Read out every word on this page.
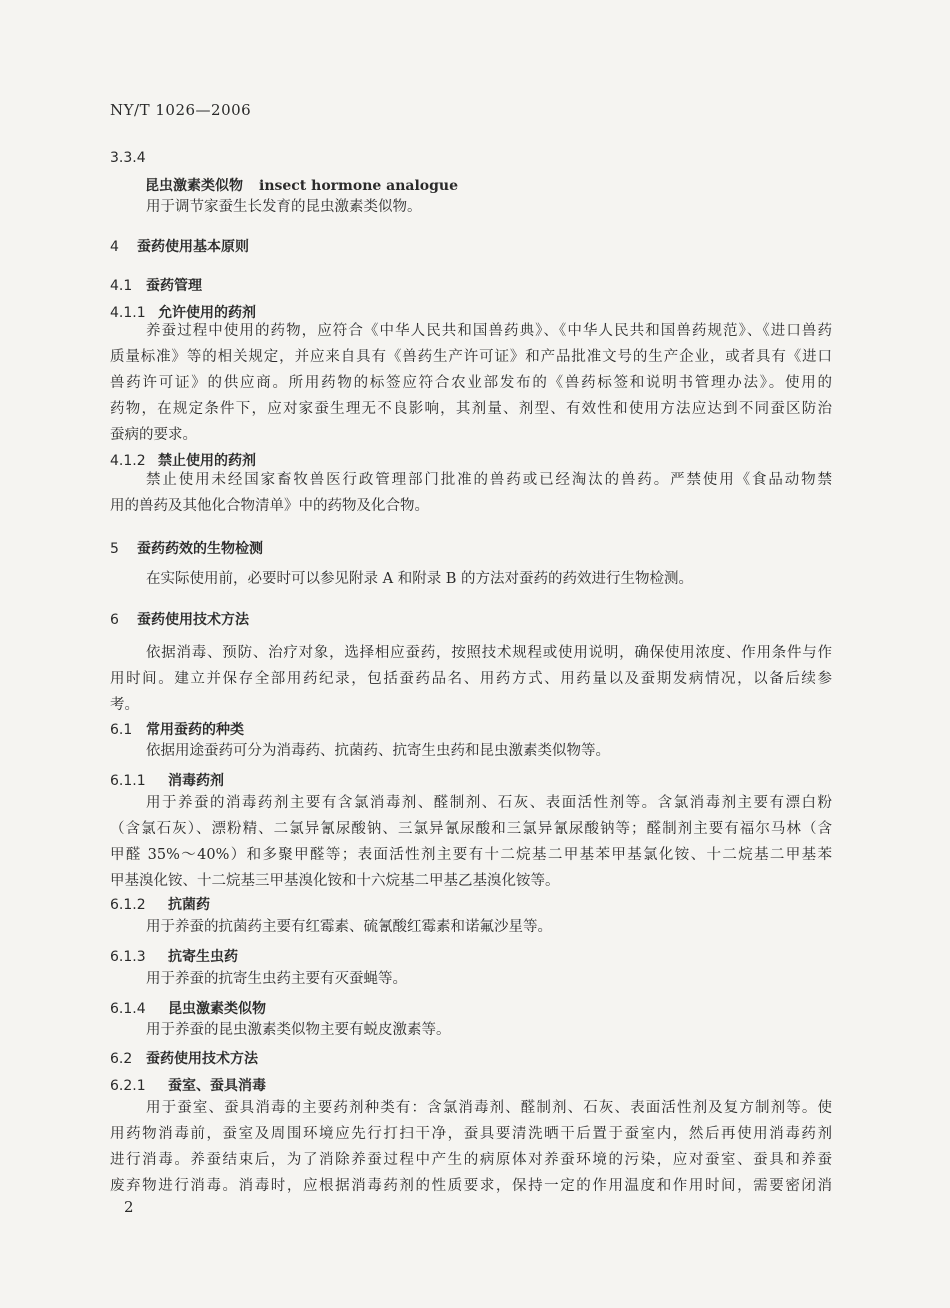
NY/T 1026—2006
3.3.4
昆虫激素类似物 insect hormone analogue
用于调节家蚕生长发育的昆虫激素类似物。
4 蚕药使用基本原则
4.1 蚕药管理
4.1.1 允许使用的药剂
养蚕过程中使用的药物，应符合《中华人民共和国兽药典》、《中华人民共和国兽药规范》、《进口兽药
质量标准》等的相关规定，并应来自具有《兽药生产许可证》和产品批准文号的生产企业，或者具有《进口
兽药许可证》的供应商。所用药物的标签应符合农业部发布的《兽药标签和说明书管理办法》。使用的
药物，在规定条件下，应对家蚕生理无不良影响，其剂量、剂型、有效性和使用方法应达到不同蚕区防治
蚕病的要求。
4.1.2 禁止使用的药剂
禁止使用未经国家畜牧兽医行政管理部门批准的兽药或已经淘汰的兽药。严禁使用《食品动物禁
用的兽药及其他化合物清单》中的药物及化合物。
5 蚕药药效的生物检测
在实际使用前，必要时可以参见附录 A 和附录 B 的方法对蚕药的药效进行生物检测。
6 蚕药使用技术方法
依据消毒、预防、治疗对象，选择相应蚕药，按照技术规程或使用说明，确保使用浓度、作用条件与作
用时间。建立并保存全部用药纪录，包括蚕药品名、用药方式、用药量以及蚕期发病情况，以备后续参
考。
6.1 常用蚕药的种类
依据用途蚕药可分为消毒药、抗菌药、抗寄生虫药和昆虫激素类似物等。
6.1.1 消毒药剂
用于养蚕的消毒药剂主要有含氯消毒剂、醛制剂、石灰、表面活性剂等。含氯消毒剂主要有漂白粉
（含氯石灰）、漂粉精、二氯异氰尿酸钠、三氯异氰尿酸和三氯异氰尿酸钠等；醛制剂主要有福尔马林（含
甲醛 35%～40%）和多聚甲醛等；表面活性剂主要有十二烷基二甲基苯甲基氯化铵、十二烷基二甲基苯
甲基溴化铵、十二烷基三甲基溴化铵和十六烷基二甲基乙基溴化铵等。
6.1.2 抗菌药
用于养蚕的抗菌药主要有红霉素、硫氰酸红霉素和诺氟沙星等。
6.1.3 抗寄生虫药
用于养蚕的抗寄生虫药主要有灭蚕蝇等。
6.1.4 昆虫激素类似物
用于养蚕的昆虫激素类似物主要有蜕皮激素等。
6.2 蚕药使用技术方法
6.2.1 蚕室、蚕具消毒
用于蚕室、蚕具消毒的主要药剂种类有：含氯消毒剂、醛制剂、石灰、表面活性剂及复方制剂等。使
用药物消毒前，蚕室及周围环境应先行打扫干净，蚕具要清洗晒干后置于蚕室内，然后再使用消毒药剂
进行消毒。养蚕结束后，为了消除养蚕过程中产生的病原体对养蚕环境的污染，应对蚕室、蚕具和养蚕
废弃物进行消毒。消毒时，应根据消毒药剂的性质要求，保持一定的作用温度和作用时间，需要密闭消
2
